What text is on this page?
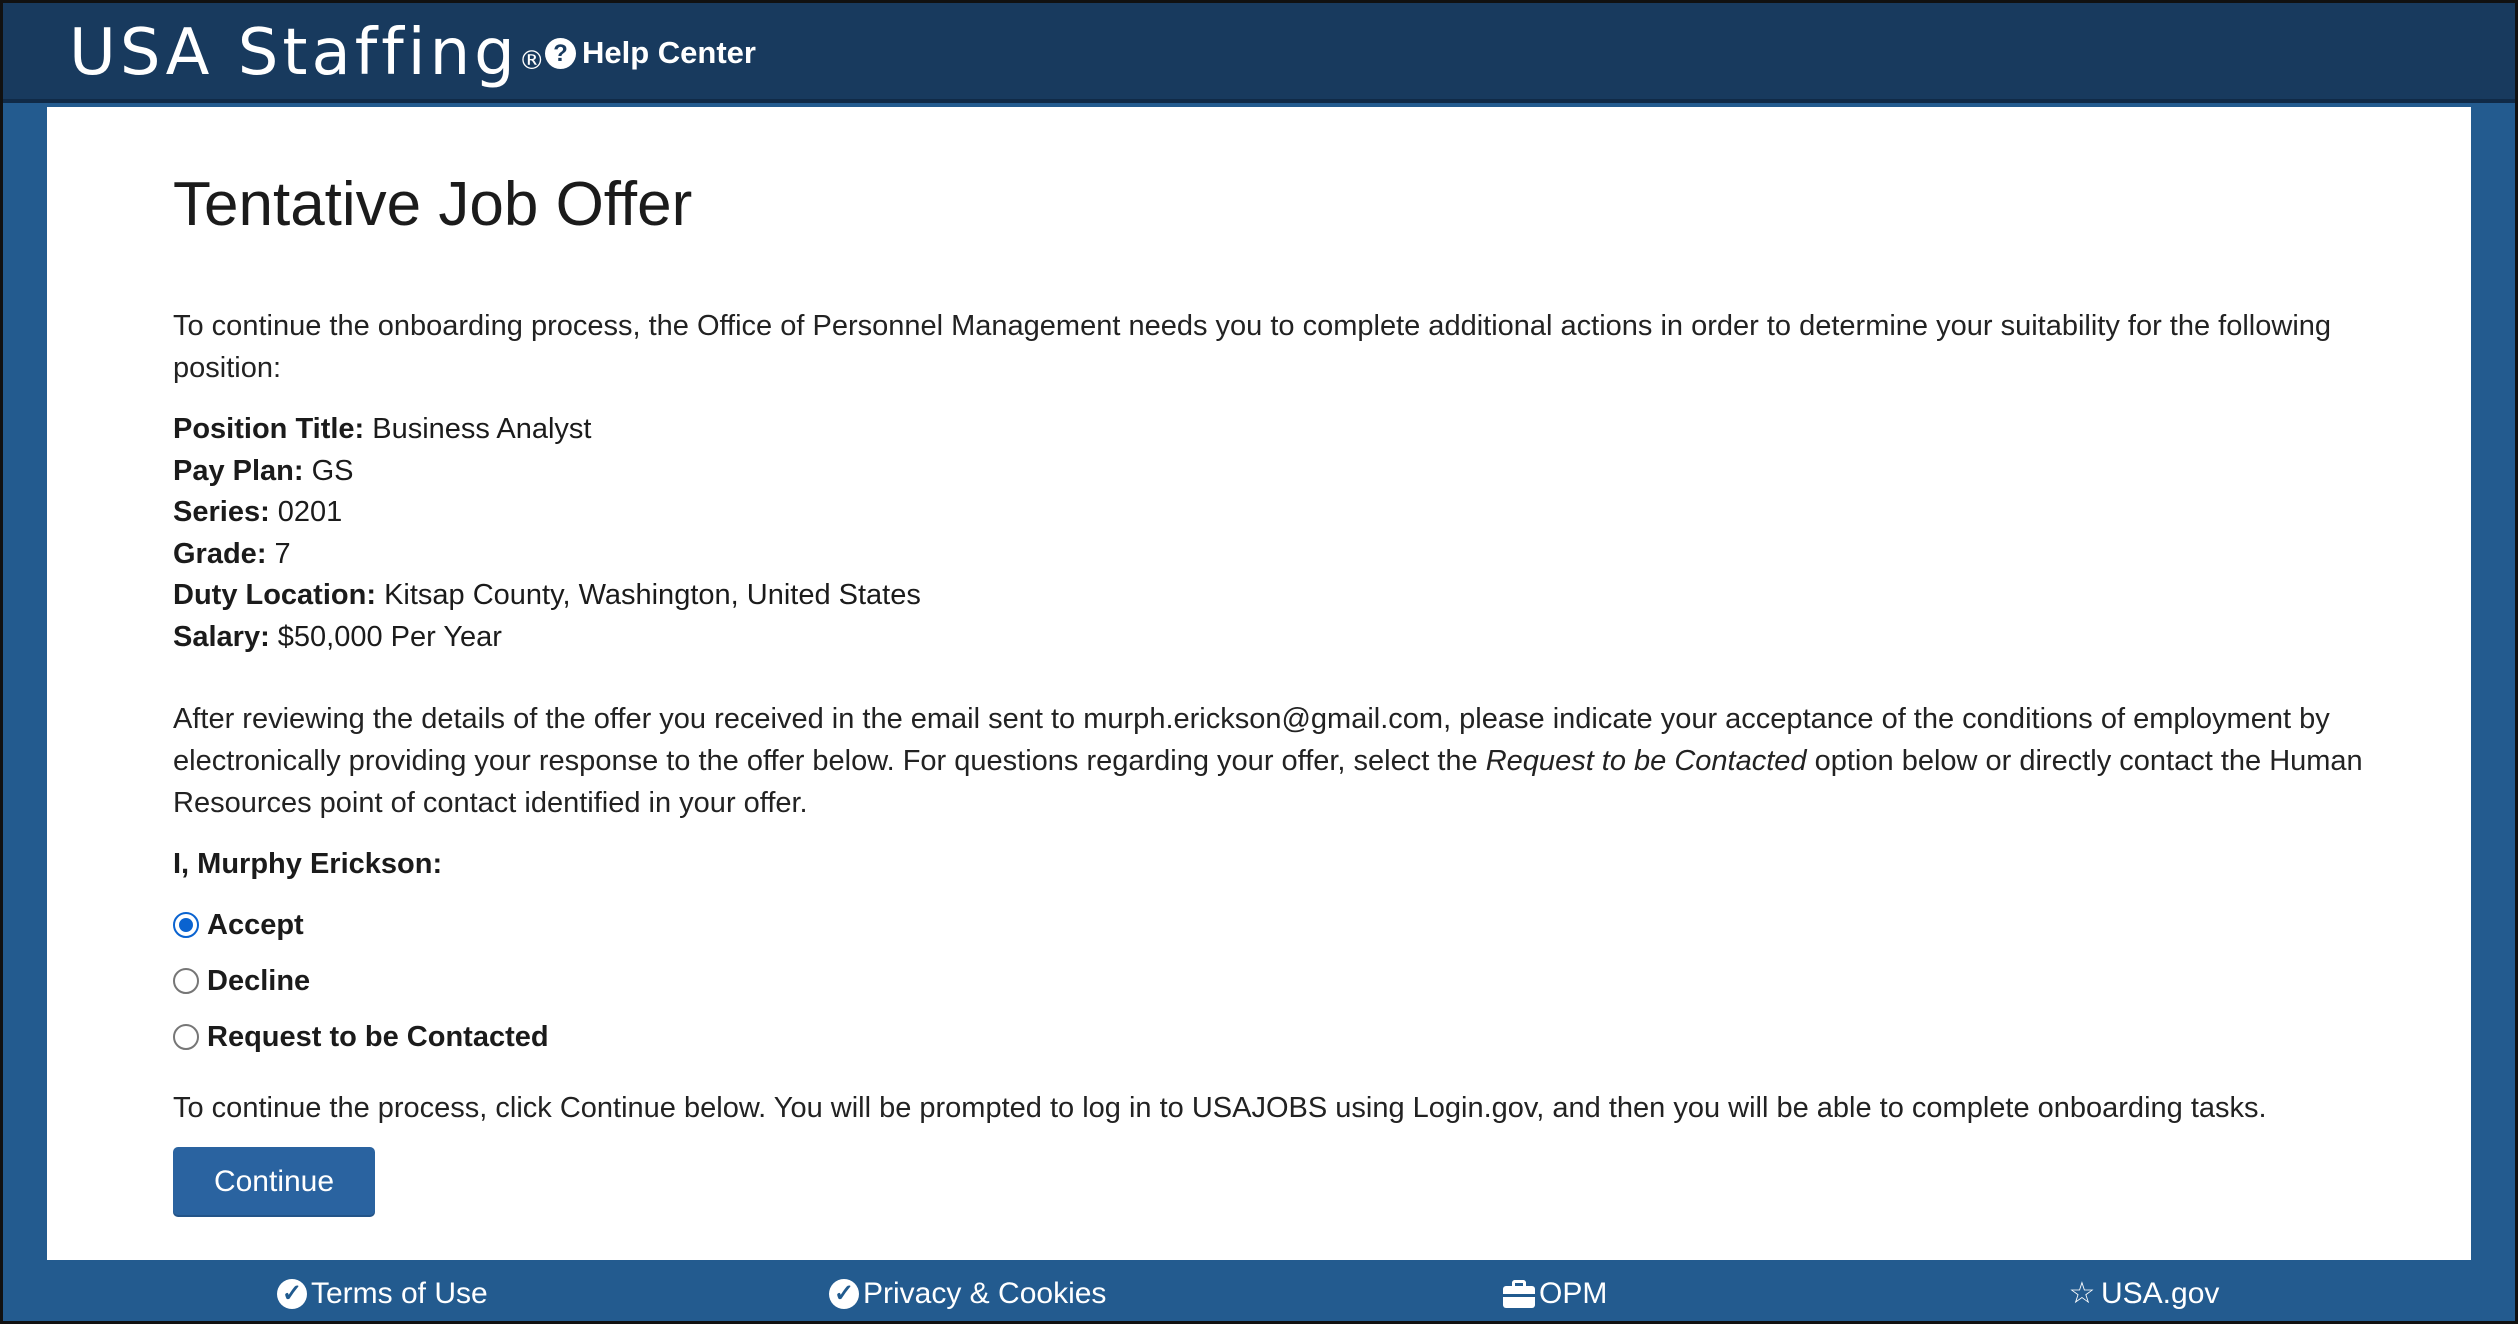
USA Staffing® ? Help Center
Tentative Job Offer

To continue the onboarding process, the Office of Personnel Management needs you to complete additional actions in order to determine your suitability for the following position:

Position Title: Business Analyst
Pay Plan: GS
Series: 0201
Grade: 7
Duty Location: Kitsap County, Washington, United States
Salary: $50,000 Per Year

After reviewing the details of the offer you received in the email sent to murph.erickson@gmail.com, please indicate your acceptance of the conditions of employment by electronically providing your response to the offer below. For questions regarding your offer, select the Request to be Contacted option below or directly contact the Human Resources point of contact identified in your offer.

I, Murphy Erickson:
Accept
Decline
Request to be Contacted

To continue the process, click Continue below. You will be prompted to log in to USAJOBS using Login.gov, and then you will be able to complete onboarding tasks.

Continue
✓ Terms of Use	✓ Privacy & Cookies	OPM	☆ USA.gov
